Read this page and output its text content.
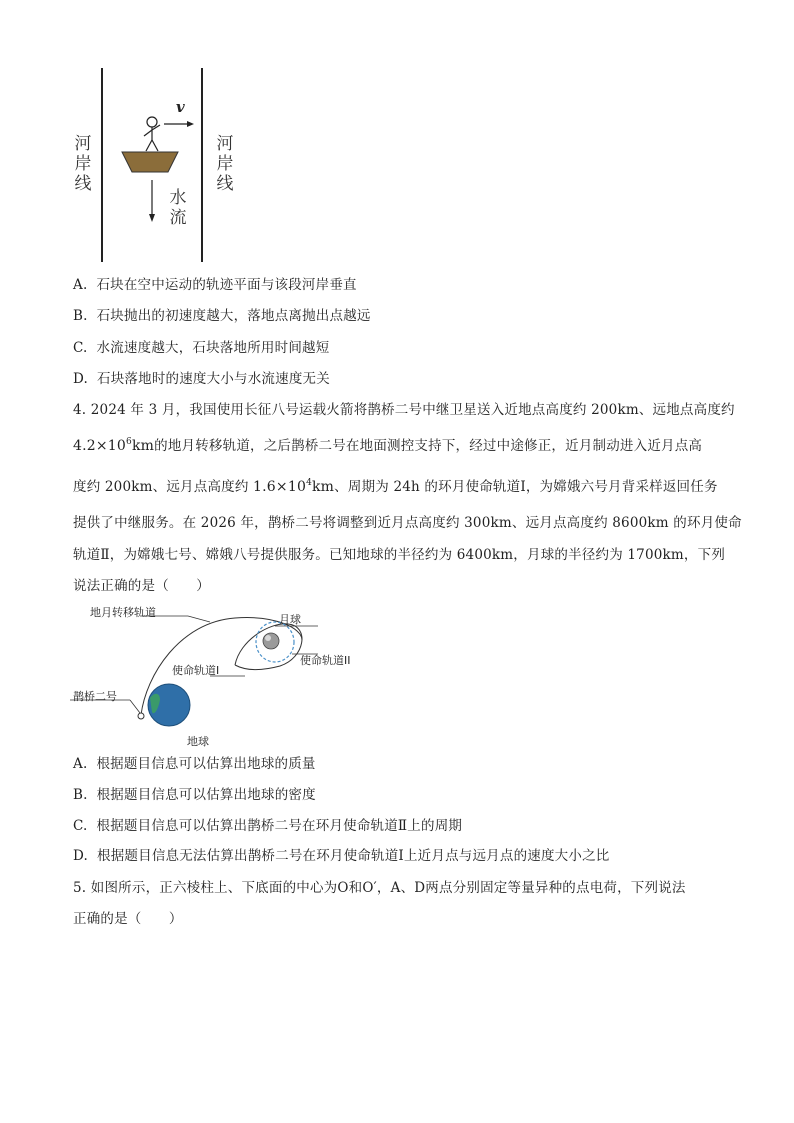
v
河
岸
线
河
岸
线
水
流
A. 石块在空中运动的轨迹平面与该段河岸垂直
B. 石块抛出的初速度越大，落地点离抛出点越远
C. 水流速度越大，石块落地所用时间越短
D. 石块落地时的速度大小与水流速度无关
4. 2024 年 3 月，我国使用长征八号运载火箭将鹊桥二号中继卫星送入近地点高度约 200km、远地点高度约
$4.2\times 10^6km$的地月转移轨道，之后鹊桥二号在地面测控支持下，经过中途修正，近月制动进入近月点高
度约 200km、远月点高度约 $1.6\times 10^4km$、周期为 24h 的环月使命轨道Ⅰ，为嫦娥六号月背采样返回任务
提供了中继服务。在 2026 年，鹊桥二号将调整到近月点高度约 300km、远月点高度约 8600km 的环月使命
轨道Ⅱ，为嫦娥七号、嫦娥八号提供服务。已知地球的半径约为 6400km，月球的半径约为 1700km，下列
说法正确的是（　　）
地月转移轨道
月球
使命轨道II
使命轨道I
鹊桥二号
地球
A. 根据题目信息可以估算出地球的质量
B. 根据题目信息可以估算出地球的密度
C. 根据题目信息可以估算出鹊桥二号在环月使命轨道Ⅱ上的周期
D. 根据题目信息无法估算出鹊桥二号在环月使命轨道Ⅰ上近月点与远月点的速度大小之比
5. 如图所示，正六棱柱上、下底面的中心为O和O′，A、D两点分别固定等量异种的点电荷，下列说法
正确的是（　　）
